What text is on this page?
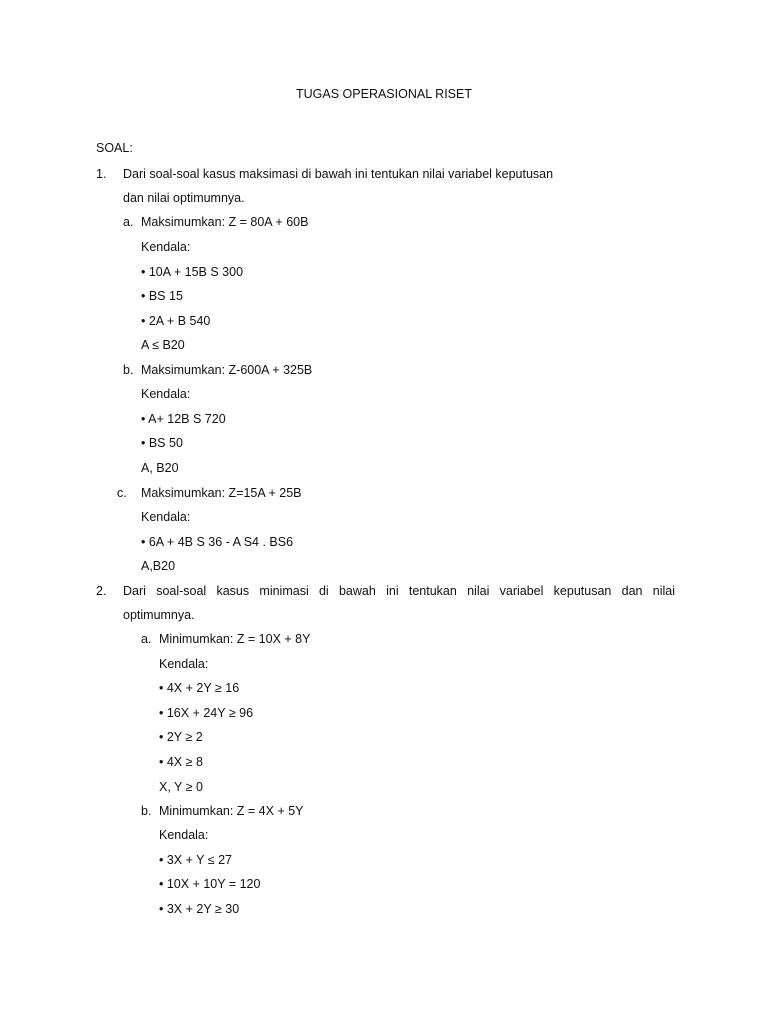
TUGAS OPERASIONAL RISET
SOAL:
1. Dari soal-soal kasus maksimasi di bawah ini tentukan nilai variabel keputusan
dan nilai optimumnya.
a. Maksimumkan: Z = 80A + 60B
Kendala:
• 10A + 15B S 300
• BS 15
• 2A + B 540
A ≤ B20
b. Maksimumkan: Z-600A + 325B
Kendala:
• A+ 12B S 720
• BS 50
A, B20
c. Maksimumkan: Z=15A + 25B
Kendala:
• 6A + 4B S 36 - A S4 . BS6
A,B20
2. Dari soal-soal kasus minimasi di bawah ini tentukan nilai variabel keputusan dan nilai
optimumnya.
a. Minimumkan: Z = 10X + 8Y
Kendala:
• 4X + 2Y ≥ 16
• 16X + 24Y ≥ 96
• 2Y ≥ 2
• 4X ≥ 8
X, Y ≥ 0
b. Minimumkan: Z = 4X + 5Y
Kendala:
• 3X + Y ≤ 27
• 10X + 10Y = 120
• 3X + 2Y ≥ 30
